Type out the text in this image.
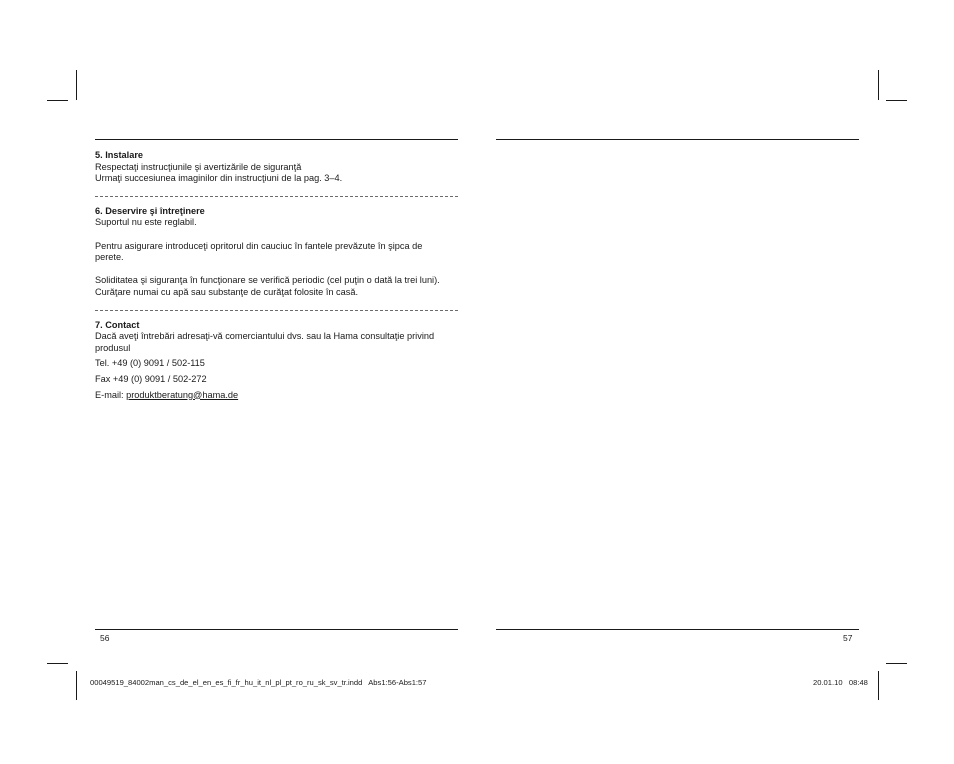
5. Instalare

Respectaţi instrucţiunile şi avertizările de siguranţă

Urmaţi succesiunea imaginilor din instrucţiuni de la pag. 3–4.

6. Deservire şi întreţinere

Suportul nu este reglabil.

Pentru asigurare introduceţi opritorul din cauciuc în fantele prevăzute în şipca de

perete.

Soliditatea şi siguranţa în funcţionare se verifică periodic (cel puţin o dată la trei luni).

Curăţare numai cu apă sau substanţe de curăţat folosite în casă.

7. Contact

Dacă aveţi întrebări adresaţi-vă comerciantului dvs. sau la Hama consultaţie privind

produsul

Tel. +49 (0) 9091 / 502-115

Fax +49 (0) 9091 / 502-272

E-mail: produktberatung@hama.de

56	57
00049519_84002man_cs_de_el_en_es_fi_fr_hu_it_nl_pl_pt_ro_ru_sk_sv_tr.indd   Abs1:56-Abs1:57	20.01.10   08:48
